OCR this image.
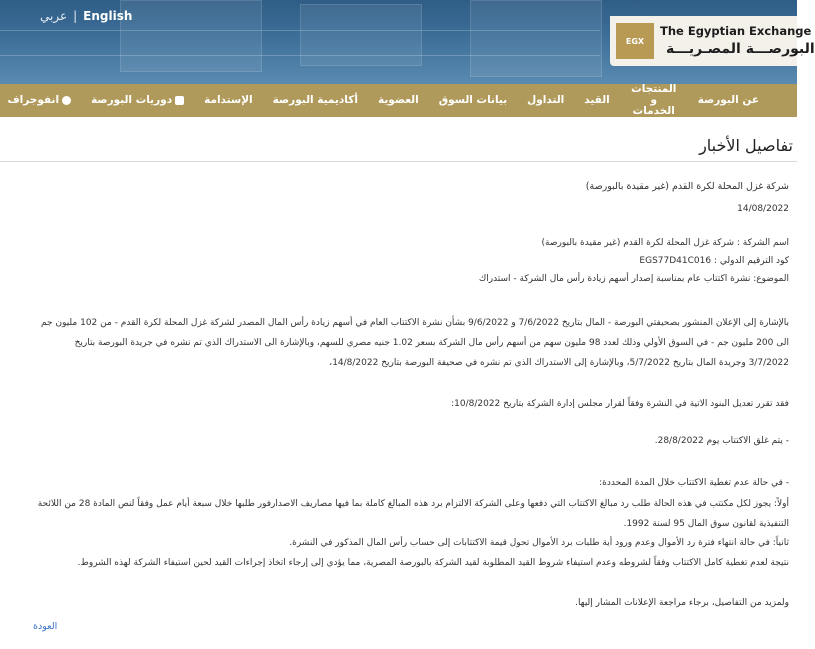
عربي | English
EGX
The Egyptian Exchange
البورصـــة المصـريـــة
عن البورصة
المنتجات و الخدمات
القيد
التداول
بيانات السوق
العضوية
أكاديمية البورصة
الإستدامة
دوريات البورصة
انفوجراف
تفاصيل الأخبار
شركة غزل المحلة لكرة القدم (غير مقيدة بالبورصة)
14/08/2022
اسم الشركة : شركة غزل المحلة لكرة القدم (غير مقيدة بالبورصة)
كود الترقيم الدولي : EGS77D41C016
الموضوع: نشرة اكتتاب عام بمناسبة إصدار أسهم زيادة رأس مال الشركة - استدراك
بالإشارة إلى الإعلان المنشور بصحيفتي البورصة - المال بتاريخ 7/6/2022 و 9/6/2022 بشأن نشرة الاكتتاب العام في أسهم زيادة رأس المال المصدر لشركة غزل المحلة لكرة القدم - من 102 مليون جم الى 200 مليون جم - في السوق الأولي وذلك لعدد 98 مليون سهم من أسهم رأس مال الشركة بسعر 1.02 جنيه مصري للسهم، وبالإشارة الى الاستدراك الذي تم نشره في جريدة البورصة بتاريخ 3/7/2022 وجريدة المال بتاريخ 5/7/2022، وبالإشارة إلى الاستدراك الذي تم نشره في صحيفة البورصة بتاريخ 14/8/2022،
فقد تقرر تعديل البنود الاتية في النشرة وفقاً لقرار مجلس إدارة الشركة بتاريخ 10/8/2022:
- يتم غلق الاكتتاب يوم 28/8/2022.
- في حالة عدم تغطية الاكتتاب خلال المدة المحددة:
أولاً: يجوز لكل مكتتب في هذه الحالة طلب رد مبالغ الاكتتاب التي دفعها وعلى الشركة الالتزام برد هذه المبالغ كاملة بما فيها مصاريف الاصدارفور طلبها خلال سبعة أيام عمل وفقاً لنص المادة 28 من اللائحة التنفيذية لقانون سوق المال 95 لسنة 1992.
ثانياً: في حالة انتهاء فترة رد الأموال وعدم ورود أية طلبات برد الأموال تحول قيمة الاكتتابات إلى حساب رأس المال المذكور في النشرة.
نتيجة لعدم تغطية كامل الاكتتاب وفقاً لشروطه وعدم استيفاء شروط القيد المطلوبة لقيد الشركة بالبورصة المصرية، مما يؤدي إلى إرجاء اتخاذ إجراءات القيد لحين استيفاء الشركة لهذه الشروط.
ولمزيد من التفاصيل، برجاء مراجعة الإعلانات المشار إليها.
العودة
